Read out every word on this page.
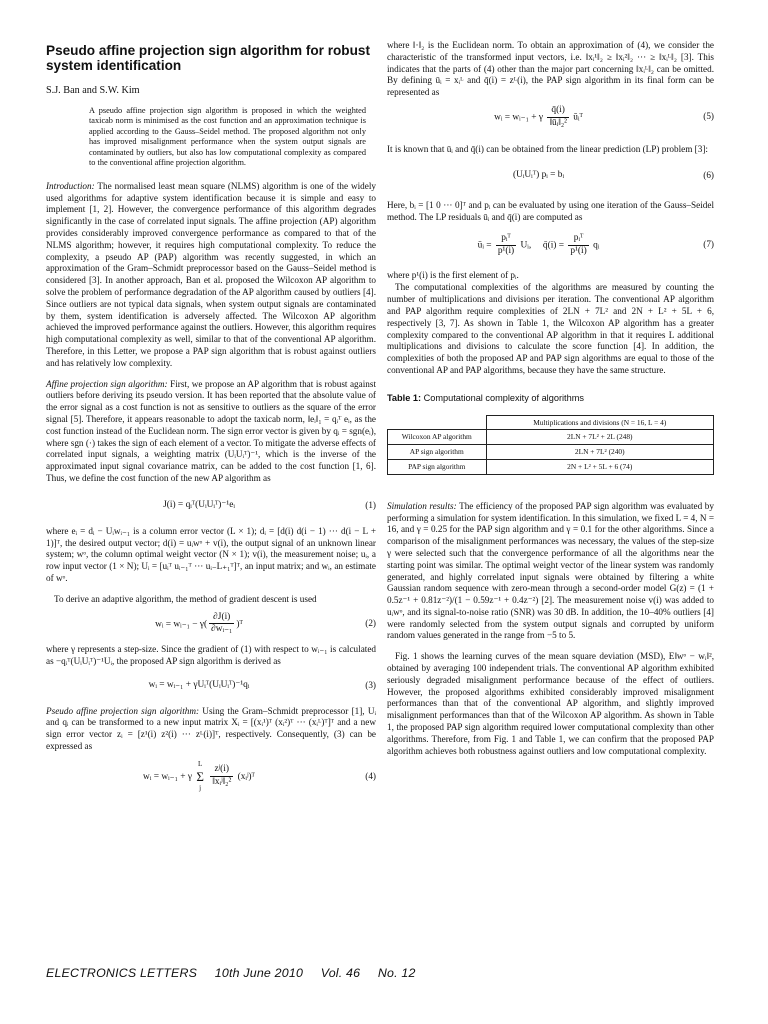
Pseudo affine projection sign algorithm for robust system identification
S.J. Ban and S.W. Kim
A pseudo affine projection sign algorithm is proposed in which the weighted taxicab norm is minimised as the cost function and an approximation technique is applied according to the Gauss–Seidel method. The proposed algorithm not only has improved misalignment performance when the system output signals are contaminated by outliers, but also has low computational complexity as compared to the conventional affine projection algorithm.

Introduction: The normalised least mean square (NLMS) algorithm is one of the widely used algorithms for adaptive system identification because it is simple and easy to implement [1, 2]. However, the convergence performance of this algorithm degrades significantly in the case of correlated input signals. The affine projection (AP) algorithm provides considerably improved convergence performance as compared to that of the NLMS algorithm; however, it requires high computational complexity. To reduce the complexity, a pseudo AP (PAP) algorithm was recently suggested, in which an approximation of the Gram–Schmidt preprocessor based on the Gauss–Seidel method is considered [3]. In another approach, Ban et al. proposed the Wilcoxon AP algorithm to solve the problem of performance degradation of the AP algorithm caused by outliers [4]. Since outliers are not typical data signals, when system output signals are contaminated by them, system identification is adversely affected. The Wilcoxon AP algorithm achieved the improved performance against the outliers. However, this algorithm requires high computational complexity as well, similar to that of the conventional AP algorithm. Therefore, in this Letter, we propose a PAP sign algorithm that is robust against outliers and has relatively low complexity.

Affine projection sign algorithm: First, we propose an AP algorithm that is robust against outliers before deriving its pseudo version. It has been reported that the absolute value of the error signal as a cost function is not as sensitive to outliers as the square of the error signal [5]. Therefore, it appears reasonable to adopt the taxicab norm, ‖eᵢ‖₁ = qᵢᵀ eᵢ, as the cost function instead of the Euclidean norm. The sign error vector is given by qᵢ = sgn(eᵢ), where sgn (·) takes the sign of each element of a vector. To mitigate the adverse effects of correlated input signals, a weighting matrix (UᵢUᵢᵀ)⁻¹, which is the inverse of the approximated input signal covariance matrix, can be added to the cost function [1, 6]. Thus, we define the cost function of the new AP algorithm as

J(i) = qᵢᵀ(UᵢUᵢᵀ)⁻¹eᵢ	(1)

where eᵢ = dᵢ − Uᵢwᵢ₋₁ is a column error vector (L × 1); dᵢ = [d(i) d(i − 1) ··· d(i − L + 1)]ᵀ, the desired output vector; d(i) = uᵢwᵒ + v(i), the output signal of an unknown linear system; wᵒ, the column optimal weight vector (N × 1); v(i), the measurement noise; uᵢ, a row input vector (1 × N); Uᵢ = [uᵢᵀ uᵢ₋₁ᵀ ··· uᵢ₋L₊₁ᵀ]ᵀ, an input matrix; and wᵢ, an estimate of wᵒ.

To derive an adaptive algorithm, the method of gradient descent is used

wᵢ = wᵢ₋₁ − $\gamma( \frac{\partial J(i)}{\text{∂wᵢ₋₁}}$ )ᵀ	(2)

where γ represents a step-size. Since the gradient of (1) with respect to wᵢ₋₁ is calculated as −qᵢᵀ(UᵢUᵢᵀ)⁻¹Uᵢ, the proposed AP sign algorithm is derived as

wᵢ = wᵢ₋₁ + γUᵢᵀ(UᵢUᵢᵀ)⁻¹qᵢ	(3)

Pseudo affine projection sign algorithm: Using the Gram–Schmidt preprocessor [1], Uᵢ and qᵢ can be transformed to a new input matrix Xᵢ = [(xᵢ¹)ᵀ (xᵢ²)ᵀ ··· (xᵢᴸ)ᵀ]ᵀ and a new sign error vector zᵢ = [z¹(i) z²(i) ··· zᴸ(i)]ᵀ, respectively. Consequently, (3) can be expressed as

wᵢ = wᵢ₋₁ + γ
L
Σ
j
$\frac{\text{zʲ(i)}}{\text{‖xᵢʲ‖₂²}}$ (xᵢʲ)ᵀ	(4)

where ‖·‖₂ is the Euclidean norm. To obtain an approximation of (4), we consider the characteristic of the transformed input vectors, i.e. ‖xᵢ¹‖₂ ≥ ‖xᵢ²‖₂ ··· ≥ ‖xᵢᴸ‖₂ [3]. This indicates that the parts of (4) other than the major part concerning ‖xᵢᴸ‖₂ can be omitted. By defining ūᵢ = xᵢᴸ and q̄(i) = zᴸ(i), the PAP sign algorithm in its final form can be represented as

wᵢ = wᵢ₋₁ + γ $\frac{q̄(i)}{\text{‖ūᵢ‖₂²}}$ ūᵢᵀ	(5)

It is known that ūᵢ and q̄(i) can be obtained from the linear prediction (LP) problem [3]:

(UᵢUᵢᵀ) pᵢ = bᵢ	(6)

Here, bᵢ = [1 0 ··· 0]ᵀ and pᵢ can be evaluated by using one iteration of the Gauss–Seidel method. The LP residuals ūᵢ and q̄(i) are computed as

ūᵢ = $\frac{\text{pᵢᵀ}}{\text{p¹(i)}}$ Uᵢ,     q̄(i) = $\frac{\text{pᵢᵀ}}{\text{p¹(i)}}$ qᵢ	(7)

where p¹(i) is the first element of pᵢ.

The computational complexities of the algorithms are measured by counting the number of multiplications and divisions per iteration. The conventional AP algorithm and PAP algorithm require complexities of 2LN + 7L² and 2N + L² + 5L + 6, respectively [3, 7]. As shown in Table 1, the Wilcoxon AP algorithm has a greater complexity compared to the conventional AP algorithm in that it requires L additional multiplications and divisions to calculate the score function [4]. In addition, the complexities of both the proposed AP and PAP sign algorithms are equal to those of the conventional AP and PAP algorithms, because they have the same structure.

Table 1: Computational complexity of algorithms
	Multiplications and divisions (N = 16, L = 4)
Wilcoxon AP algorithm	2LN + 7L² + 2L (248)
AP sign algorithm	2LN + 7L² (240)
PAP sign algorithm	2N + L² + 5L + 6 (74)

Simulation results: The efficiency of the proposed PAP sign algorithm was evaluated by performing a simulation for system identification. In this simulation, we fixed L = 4, N = 16, and γ = 0.25 for the PAP sign algorithm and γ = 0.1 for the other algorithms. Since a comparison of the misalignment performances was necessary, the values of the step-size γ were selected such that the convergence performance of all the algorithms near the starting point was similar. The optimal weight vector of the linear system was randomly generated, and highly correlated input signals were obtained by filtering a white Gaussian random sequence with zero-mean through a second-order model G(z) = (1 + 0.5z⁻¹ + 0.81z⁻²)/(1 − 0.59z⁻¹ + 0.4z⁻²) [2]. The measurement noise v(i) was added to uᵢwᵒ, and its signal-to-noise ratio (SNR) was 30 dB. In addition, the 10–40% outliers [4] were randomly selected from the system output signals and corrupted by uniform random values generated in the range from −5 to 5.

Fig. 1 shows the learning curves of the mean square deviation (MSD), E‖wᵒ − wᵢ‖², obtained by averaging 100 independent trials. The conventional AP algorithm exhibited seriously degraded misalignment performance because of the effect of outliers. However, the proposed algorithms exhibited considerably improved misalignment performances than that of the conventional AP algorithm, and slightly improved misalignment performances than that of the Wilcoxon AP algorithm. As shown in Table 1, the proposed PAP sign algorithm required lower computational complexity than other algorithms. Therefore, from Fig. 1 and Table 1, we can confirm that the proposed PAP algorithm achieves both robustness against outliers and low computational complexity.

ELECTRONICS LETTERS 10th June 2010 Vol. 46 No. 12
